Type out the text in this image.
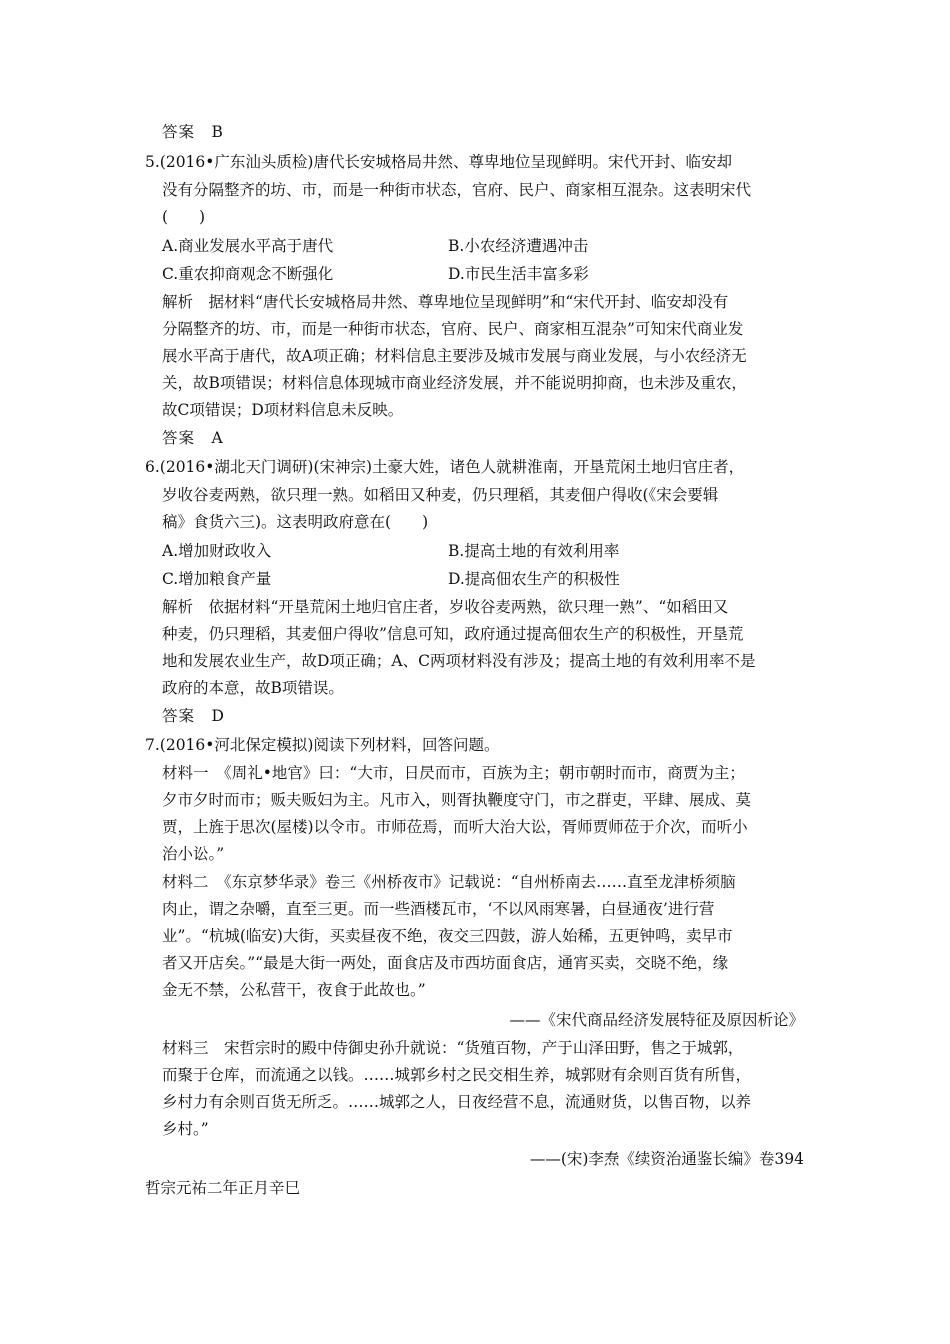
答案　B
5.(2016•广东汕头质检)唐代长安城格局井然、尊卑地位呈现鲜明。宋代开封、临安却
没有分隔整齐的坊、市，而是一种街市状态，官府、民户、商家相互混杂。这表明宋代
(　　)
A.商业发展水平高于唐代	B.小农经济遭遇冲击
C.重农抑商观念不断强化	D.市民生活丰富多彩
解析　据材料“唐代长安城格局井然、尊卑地位呈现鲜明”和“宋代开封、临安却没有
分隔整齐的坊、市，而是一种街市状态，官府、民户、商家相互混杂”可知宋代商业发
展水平高于唐代，故A项正确；材料信息主要涉及城市发展与商业发展，与小农经济无
关，故B项错误；材料信息体现城市商业经济发展，并不能说明抑商，也未涉及重农，
故C项错误；D项材料信息未反映。
答案　A
6.(2016•湖北天门调研)(宋神宗)土豪大姓，诸色人就耕淮南，开垦荒闲土地归官庄者，
岁收谷麦两熟，欲只理一熟。如稻田又种麦，仍只理稻，其麦佃户得收(《宋会要辑
稿》食货六三)。这表明政府意在(　　)
A.增加财政收入	B.提高土地的有效利用率
C.增加粮食产量	D.提高佃农生产的积极性
解析　依据材料“开垦荒闲土地归官庄者，岁收谷麦两熟，欲只理一熟”、“如稻田又
种麦，仍只理稻，其麦佃户得收”信息可知，政府通过提高佃农生产的积极性，开垦荒
地和发展农业生产，故D项正确；A、C两项材料没有涉及；提高土地的有效利用率不是
政府的本意，故B项错误。
答案　D
7.(2016•河北保定模拟)阅读下列材料，回答问题。
材料一　《周礼•地官》曰：“大市，日昃而市，百族为主；朝市朝时而市，商贾为主；
夕市夕时而市；贩夫贩妇为主。凡市入，则胥执鞭度守门，市之群吏，平肆、展成、莫
贾，上旌于思次(屋楼)以令市。市师莅焉，而听大治大讼，胥师贾师莅于介次，而听小
治小讼。”
材料二　《东京梦华录》卷三《州桥夜市》记载说：“自州桥南去……直至龙津桥须脑
肉止，谓之杂嚼，直至三更。而一些酒楼瓦市，‘不以风雨寒暑，白昼通夜’进行营
业”。“杭城(临安)大街，买卖昼夜不绝，夜交三四鼓，游人始稀，五更钟鸣，卖早市
者又开店矣。”“最是大街一两处，面食店及市西坊面食店，通宵买卖，交晓不绝，缘
金无不禁，公私营干，夜食于此故也。”
——《宋代商品经济发展特征及原因析论》
材料三　宋哲宗时的殿中侍御史孙升就说：“货殖百物，产于山泽田野，售之于城郭，
而聚于仓库，而流通之以钱。……城郭乡村之民交相生养，城郭财有余则百货有所售，
乡村力有余则百货无所乏。……城郭之人，日夜经营不息，流通财货，以售百物，以养
乡村。”
——(宋)李焘《续资治通鉴长编》卷394
哲宗元祐二年正月辛巳
